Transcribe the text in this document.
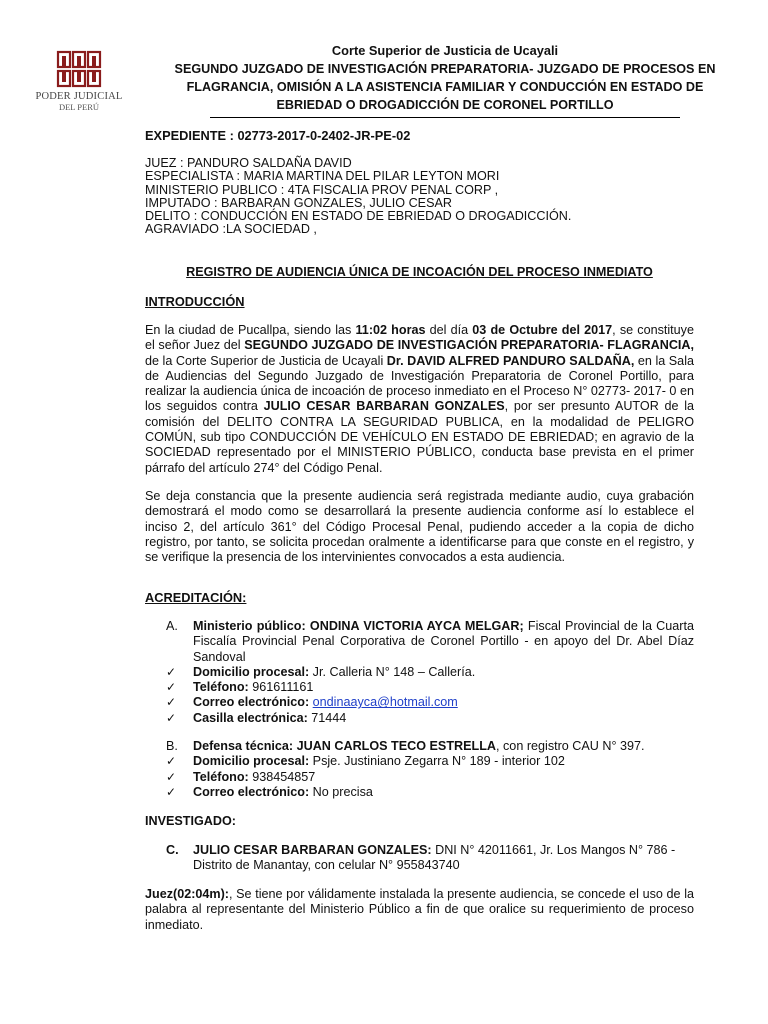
PODER JUDICIAL
DEL PERÚ
Corte Superior de Justicia de Ucayali
SEGUNDO JUZGADO DE INVESTIGACIÓN PREPARATORIA- JUZGADO DE PROCESOS EN
FLAGRANCIA, OMISIÓN A LA ASISTENCIA FAMILIAR Y CONDUCCIÓN EN ESTADO DE
EBRIEDAD O DROGADICCIÓN DE CORONEL PORTILLO
EXPEDIENTE : 02773-2017-0-2402-JR-PE-02
JUEZ : PANDURO SALDAÑA DAVID
ESPECIALISTA : MARIA MARTINA DEL PILAR LEYTON MORI
MINISTERIO PUBLICO : 4TA FISCALIA PROV PENAL CORP ,
IMPUTADO : BARBARAN GONZALES, JULIO CESAR
DELITO : CONDUCCIÓN EN ESTADO DE EBRIEDAD O DROGADICCIÓN.
AGRAVIADO :LA SOCIEDAD ,
REGISTRO DE AUDIENCIA ÚNICA DE INCOACIÓN DEL PROCESO INMEDIATO
INTRODUCCIÓN
En la ciudad de Pucallpa, siendo las 11:02 horas del día 03 de Octubre del 2017, se constituye el señor Juez del SEGUNDO JUZGADO DE INVESTIGACIÓN PREPARATORIA- FLAGRANCIA, de la Corte Superior de Justicia de Ucayali Dr. DAVID ALFRED PANDURO SALDAÑA, en la Sala de Audiencias del Segundo Juzgado de Investigación Preparatoria de Coronel Portillo, para realizar la audiencia única de incoación de proceso inmediato en el Proceso N° 02773- 2017- 0 en los seguidos contra JULIO CESAR BARBARAN GONZALES, por ser presunto AUTOR de la comisión del DELITO CONTRA LA SEGURIDAD PUBLICA, en la modalidad de PELIGRO COMÚN, sub tipo CONDUCCIÓN DE VEHÍCULO EN ESTADO DE EBRIEDAD; en agravio de la SOCIEDAD representado por el MINISTERIO PÚBLICO, conducta base prevista en el primer párrafo del artículo 274° del Código Penal.
Se deja constancia que la presente audiencia será registrada mediante audio, cuya grabación demostrará el modo como se desarrollará la presente audiencia conforme así lo establece el inciso 2, del artículo 361° del Código Procesal Penal, pudiendo acceder a la copia de dicho registro, por tanto, se solicita procedan oralmente a identificarse para que conste en el registro, y se verifique la presencia de los intervinientes convocados a esta audiencia.
ACREDITACIÓN:
A.	Ministerio público: ONDINA VICTORIA AYCA MELGAR; Fiscal Provincial de la Cuarta Fiscalía Provincial Penal Corporativa de Coronel Portillo - en apoyo del Dr. Abel Díaz Sandoval
✓	Domicilio procesal: Jr. Calleria N° 148 – Callería.
✓	Teléfono: 961611161
✓	Correo electrónico: ondinaayca@hotmail.com
✓	Casilla electrónica: 71444
B.	Defensa técnica: JUAN CARLOS TECO ESTRELLA, con registro CAU N° 397.
✓	Domicilio procesal: Psje. Justiniano Zegarra N° 189 - interior 102
✓	Teléfono: 938454857
✓	Correo electrónico: No precisa
INVESTIGADO:
C.	JULIO CESAR BARBARAN GONZALES: DNI N° 42011661, Jr. Los Mangos N° 786 - Distrito de Manantay, con celular N° 955843740
Juez(02:04m):, Se tiene por válidamente instalada la presente audiencia, se concede el uso de la palabra al representante del Ministerio Público a fin de que oralice su requerimiento de proceso inmediato.
